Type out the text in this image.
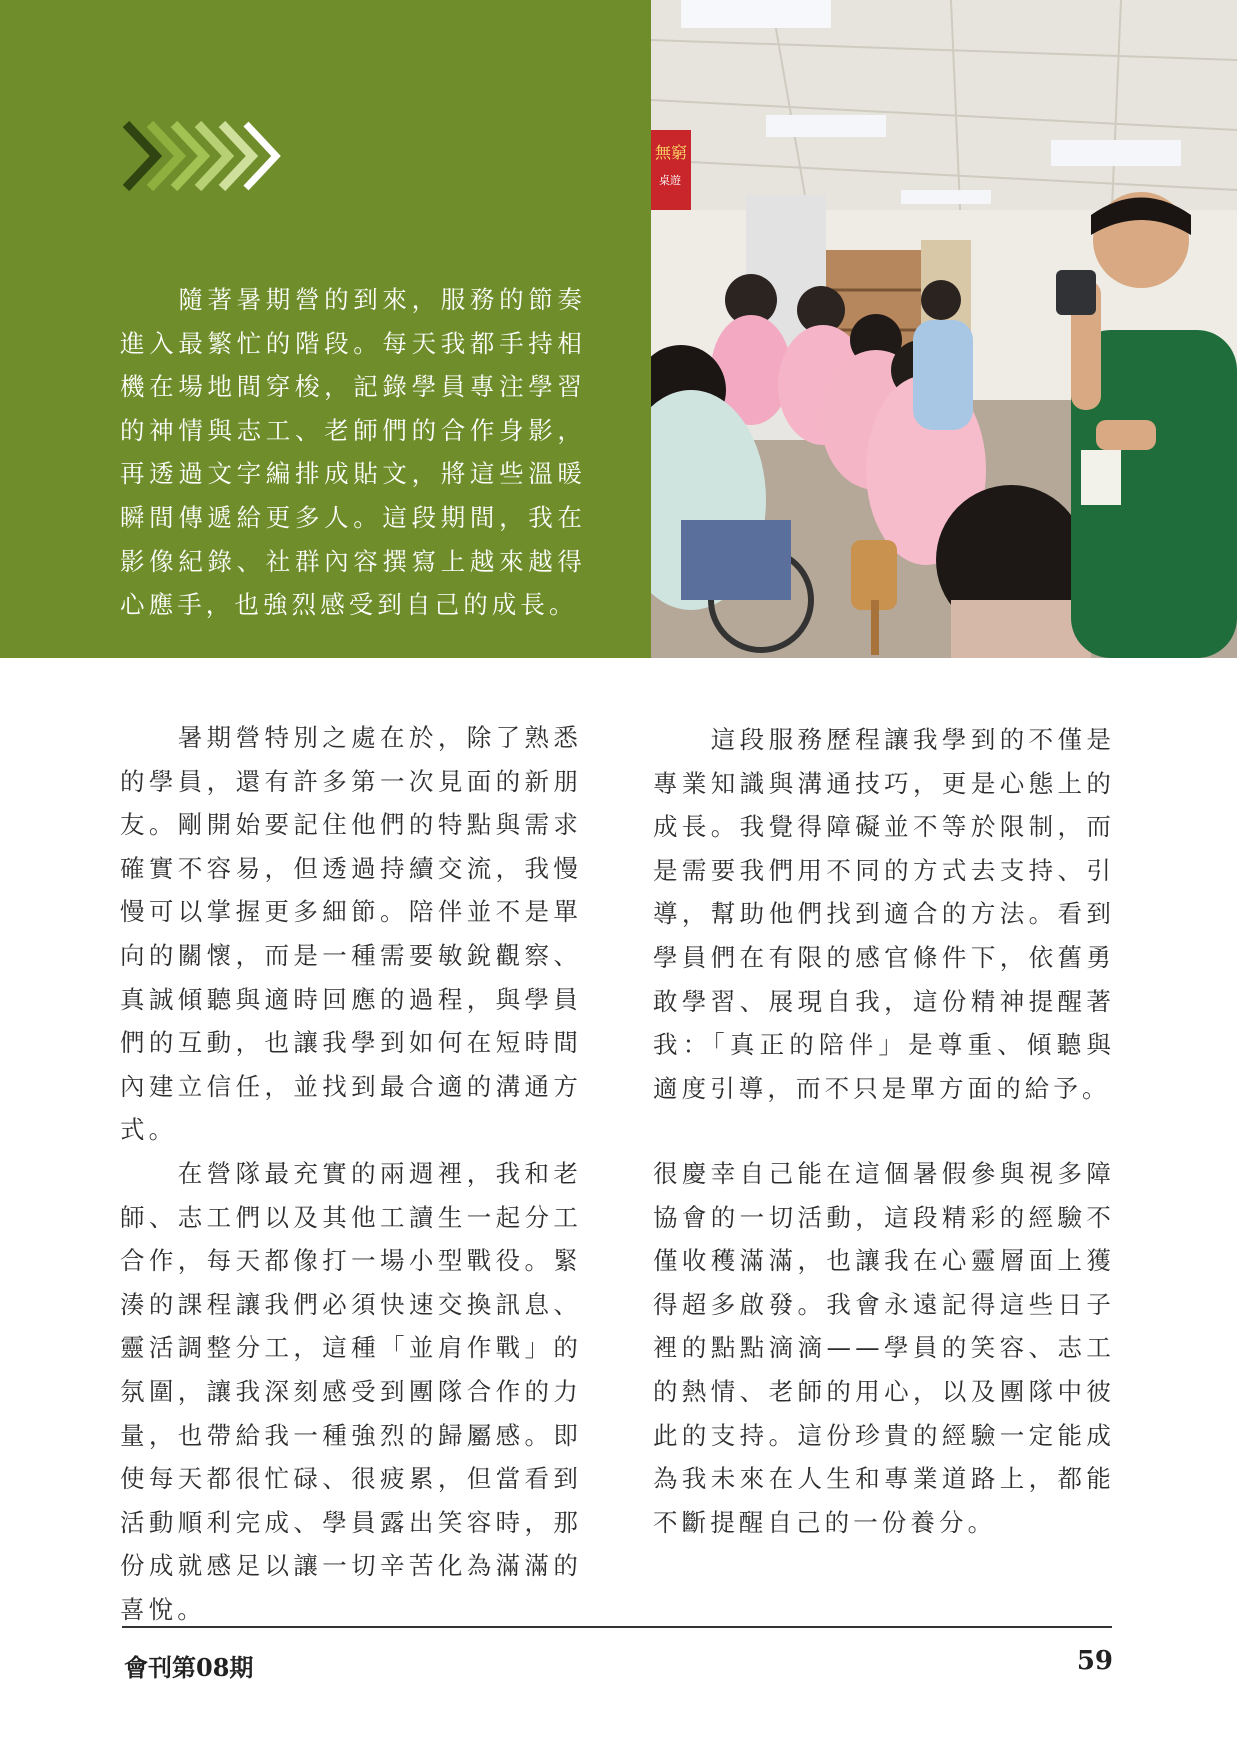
　　隨著暑期營的到來，服務的節奏進入最繁忙的階段。每天我都手持相機在場地間穿梭，記錄學員專注學習的神情與志工、老師們的合作身影，再透過文字編排成貼文，將這些溫暖瞬間傳遞給更多人。這段期間，我在影像紀錄、社群內容撰寫上越來越得心應手，也強烈感受到自己的成長。

無窮
桌遊

　　暑期營特別之處在於，除了熟悉的學員，還有許多第一次見面的新朋友。剛開始要記住他們的特點與需求確實不容易，但透過持續交流，我慢慢可以掌握更多細節。陪伴並不是單向的關懷，而是一種需要敏銳觀察、真誠傾聽與適時回應的過程，與學員們的互動，也讓我學到如何在短時間內建立信任，並找到最合適的溝通方式。

　　在營隊最充實的兩週裡，我和老師、志工們以及其他工讀生一起分工合作，每天都像打一場小型戰役。緊湊的課程讓我們必須快速交換訊息、靈活調整分工，這種「並肩作戰」的氛圍，讓我深刻感受到團隊合作的力量，也帶給我一種強烈的歸屬感。即使每天都很忙碌、很疲累，但當看到活動順利完成、學員露出笑容時，那份成就感足以讓一切辛苦化為滿滿的喜悅。

　　這段服務歷程讓我學到的不僅是專業知識與溝通技巧，更是心態上的成長。我覺得障礙並不等於限制，而是需要我們用不同的方式去支持、引導，幫助他們找到適合的方法。看到學員們在有限的感官條件下，依舊勇敢學習、展現自我，這份精神提醒著我：「真正的陪伴」是尊重、傾聽與適度引導，而不只是單方面的給予。

很慶幸自己能在這個暑假參與視多障協會的一切活動，這段精彩的經驗不僅收穫滿滿，也讓我在心靈層面上獲得超多啟發。我會永遠記得這些日子裡的點點滴滴——學員的笑容、志工的熱情、老師的用心，以及團隊中彼此的支持。這份珍貴的經驗一定能成為我未來在人生和專業道路上，都能不斷提醒自己的一份養分。

會刊第08期	59
